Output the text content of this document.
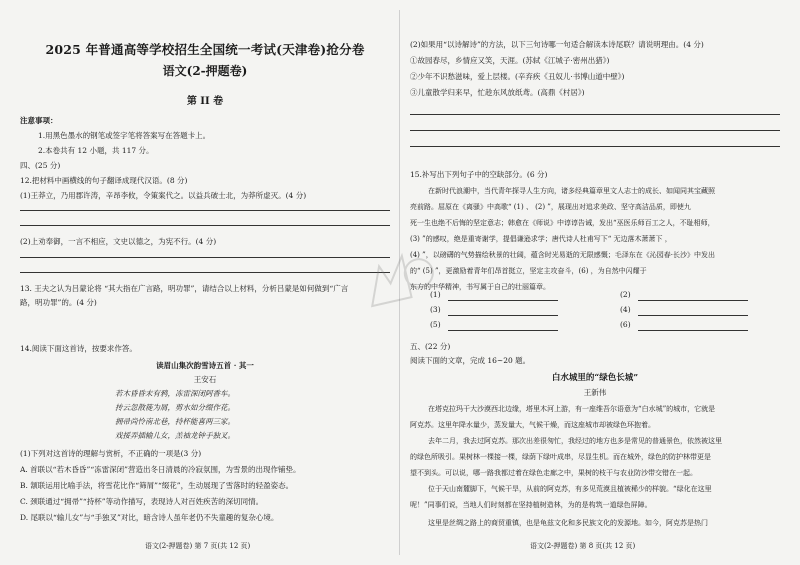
2025 年普通高等学校招生全国统一考试(天津卷)抢分卷
语文(2-押题卷)
第 II 卷
注意事项：
1.用黑色墨水的钢笔或签字笔将答案写在答题卡上。
2.本卷共有 12 小题，共 117 分。
四、(25 分)
12.把材料中画横线的句子翻译成现代汉语。(8 分)
(1)王莽立，乃用郡许涛，辛昂李攸，令策案代之。以益兵破士北，为莽所虚灭。(4 分)
(2)上劝奉御，一言不相应，文史以德之，为宪不行。(4 分)
13. 王夫之认为吕蒙论将 “其大指在广言路，明功罪”，请结合以上材料，分析吕蒙是如何做到“广言
路，明功罪”的。(4 分)
14.阅读下面这首诗，按要求作答。
读眉山集次韵雪诗五首 · 其一
王安石
若木昏昏末有鸦，冻雷深闭阿香车。
抟云忽散簁为屑，剪水如分缀作花。
拥帚尚怜南北巷，持杯能喜两三家。
戏挼弄插输儿女，羔袖龙钟手独叉。
(1)下列对这首诗的理解与赏析，不正确的一项是(3 分)
A. 首联以“若木昏昏”“冻雷深闭”营造出冬日清晨的冷寂氛围，为雪景的出现作铺垫。
B. 颔联运用比喻手法，将雪花比作“筛屑”“缀花”，生动展现了雪落时的轻盈姿态。
C. 颈联通过“拥帚”“持杯”等动作描写，表现诗人对百姓疾苦的深切同情。
D. 尾联以“输儿女”与“手独叉”对比，暗含诗人虽年老仍不失童趣的复杂心境。
语文(2-押题卷) 第 7 页(共 12 页)
(2)如果用“以诗解诗”的方法，以下三句诗哪一句适合解读本诗尾联？请说明理由。(4 分)
①故园春尽，乡情应又笑，天涯。(苏轼《江城子·密州出猎》)
②少年不识愁滋味，爱上层楼。(辛弃疾《丑奴儿·书博山道中壁》)
③儿童散学归来早，忙趁东风放纸鸢。(高鼎《村居》)
15.补写出下列句子中的空缺部分。(6 分)
在新时代浪潮中，当代青年探寻人生方向，诸多经典篇章里文人志士的成长、如闻同其宝藏照
亮前路。屈原在《离骚》中高歌“ (1) 、 (2) ”，展现出对追求美政、坚守高洁品质，即使九
死一生也绝不后悔的坚定意志；韩愈在《师说》中谆谆告诫，发出“巫医乐师百工之人，不耻相师，
(3) ”的感叹，绝是重寄谢学，提倡谦逊求学；唐代诗人杜甫写下“ 无边落木萧萧下 ，
(4) ”，以磅礴的气势描绘秋景的壮阔，蕴含时光易逝的无限感慨；毛泽东在《沁园春·长沙》中发出
的“ (5) ”，更激励着青年们昂首挺立，坚定主攻奋斗，(6) ，为自然中闪耀于
东方的中华精神，书写属于自己的壮丽篇章。
(1)	(2)
(3)	(4)
(5)	(6)
五、(22 分)
阅读下面的文章，完成 16~20 题。
白水城里的“绿色长城”
王新伟
在塔克拉玛干大沙漠西北边缘，塔里木河上游，有一座维吾尔语意为“白水城”的城市，它就是
阿克苏。这里年降水量少，蒸发量大，气候干燥，而这座城市却被绿色环抱着。
去年二月，我去过阿克苏。那次出差很匆忙，我经过的地方也多是常见的普通景色，依然被这里
的绿色所吸引。果树林一棵接一棵，绿荫下绿叶成串，尽显生机。而在城外，绿色的防护林带更是
望不到头。可以说，哪一路我都过着在绿色走廊之中，果树的枝干与农业防沙带交错在一起。
位于天山南麓脚下，气候干旱，从前的阿克苏，有多见荒漠且植被稀少的样貌。“绿化在这里
呢！”同事们说，当地人们时刻都在坚持植树造林，为的是构筑一道绿色屏障。
这里是丝绸之路上的商贸重镇，也是龟兹文化和多民族文化的发源地。如今，阿克苏是热门
语文(2-押题卷) 第 8 页(共 12 页)
